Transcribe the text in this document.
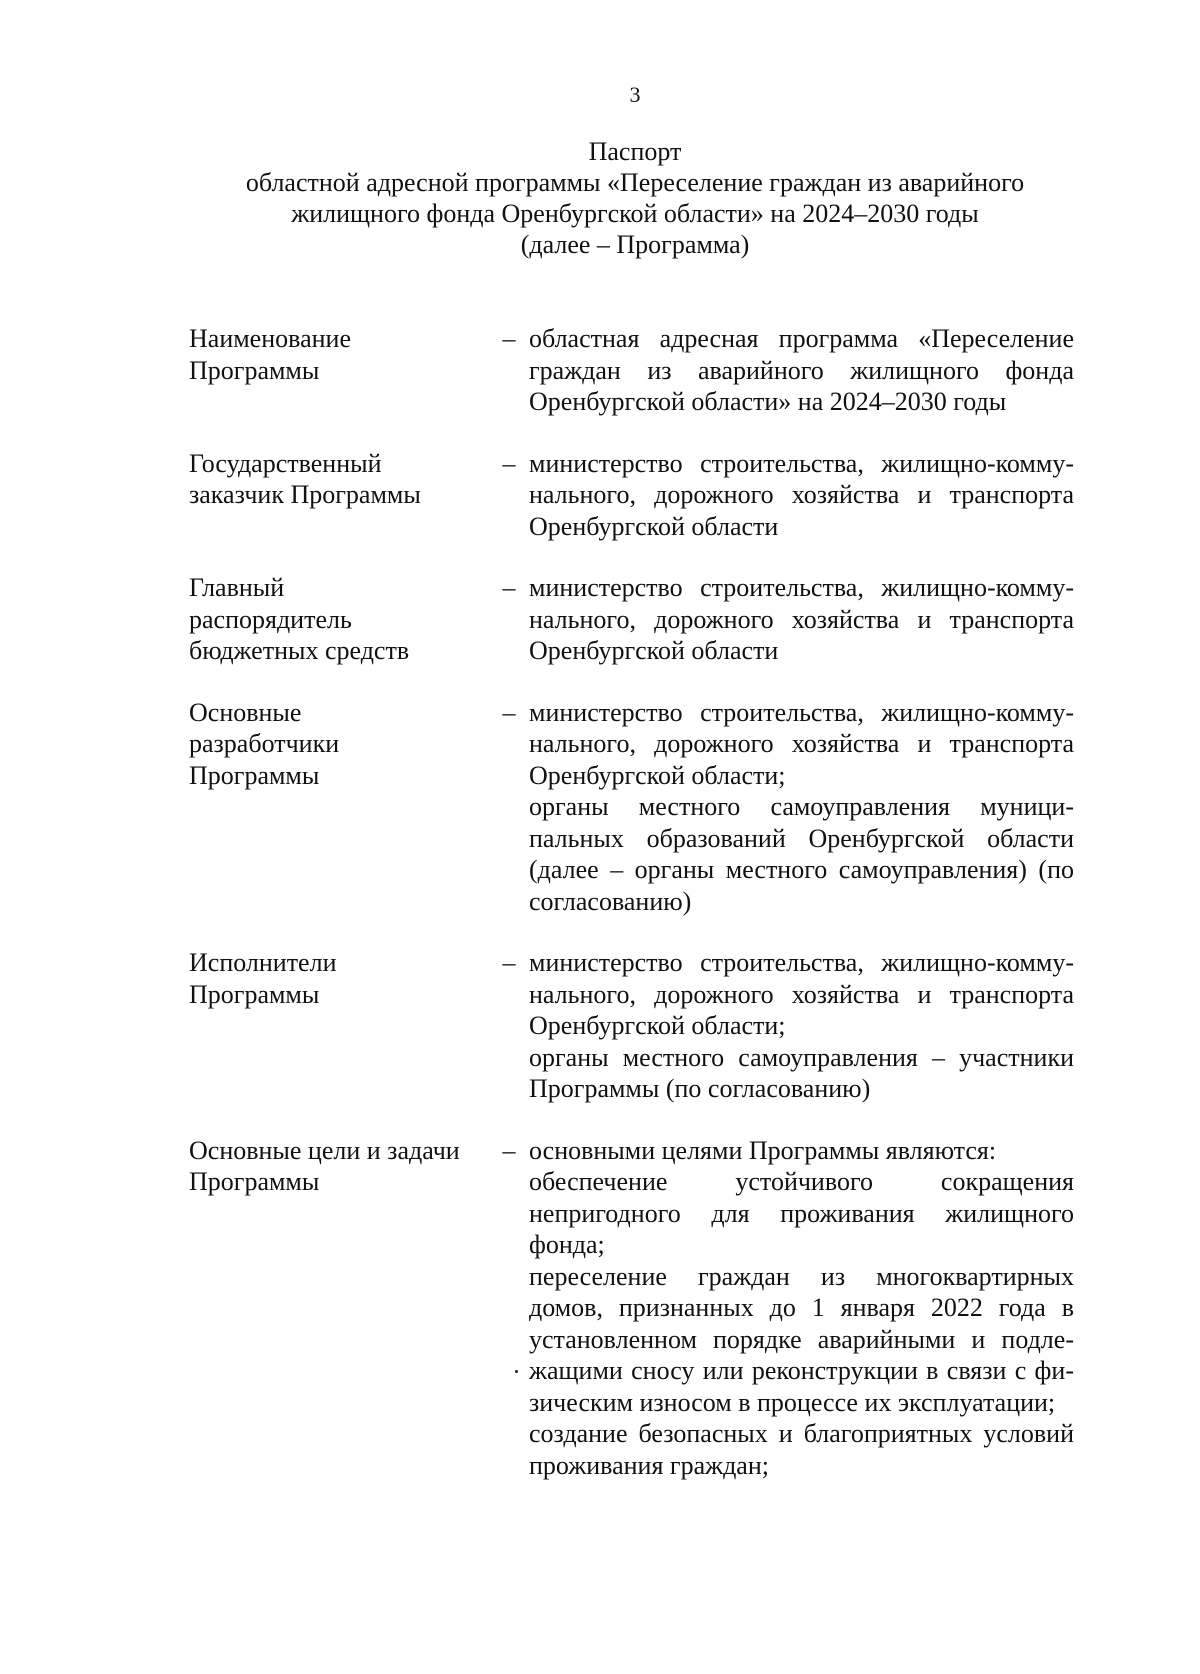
3
Паспорт
областной адресной программы «Переселение граждан из аварийного
жилищного фонда Оренбургской области» на 2024–2030 годы
(далее – Программа)
Наименование
Программы
– областная адресная программа «Переселение граждан из аварийного жилищного фонда Оренбургской области» на 2024–2030 годы

Государственный
заказчик Программы
– министерство строительства, жилищно-коммунального, дорожного хозяйства и транспорта Оренбургской области

Главный
распорядитель
бюджетных средств
– министерство строительства, жилищно-коммунального, дорожного хозяйства и транспорта Оренбургской области

Основные
разработчики
Программы
– министерство строительства, жилищно-коммунального, дорожного хозяйства и транспорта Оренбургской области;

органы местного самоуправления муниципальных образований Оренбургской области (далее – органы местного самоуправления) (по согласованию)

Исполнители
Программы
– министерство строительства, жилищно-коммунального, дорожного хозяйства и транспорта Оренбургской области;

органы местного самоуправления – участники Программы (по согласованию)

Основные цели и задачи
Программы
– основными целями Программы являются:

обеспечение устойчивого сокращения непригодного для проживания жилищного фонда;

переселение граждан из многоквартирных домов, признанных до 1 января 2022 года в установленном порядке аварийными и подлежащими сносу или реконструкции в связи с физическим износом в процессе их эксплуатации;

создание безопасных и благоприятных условий проживания граждан;
